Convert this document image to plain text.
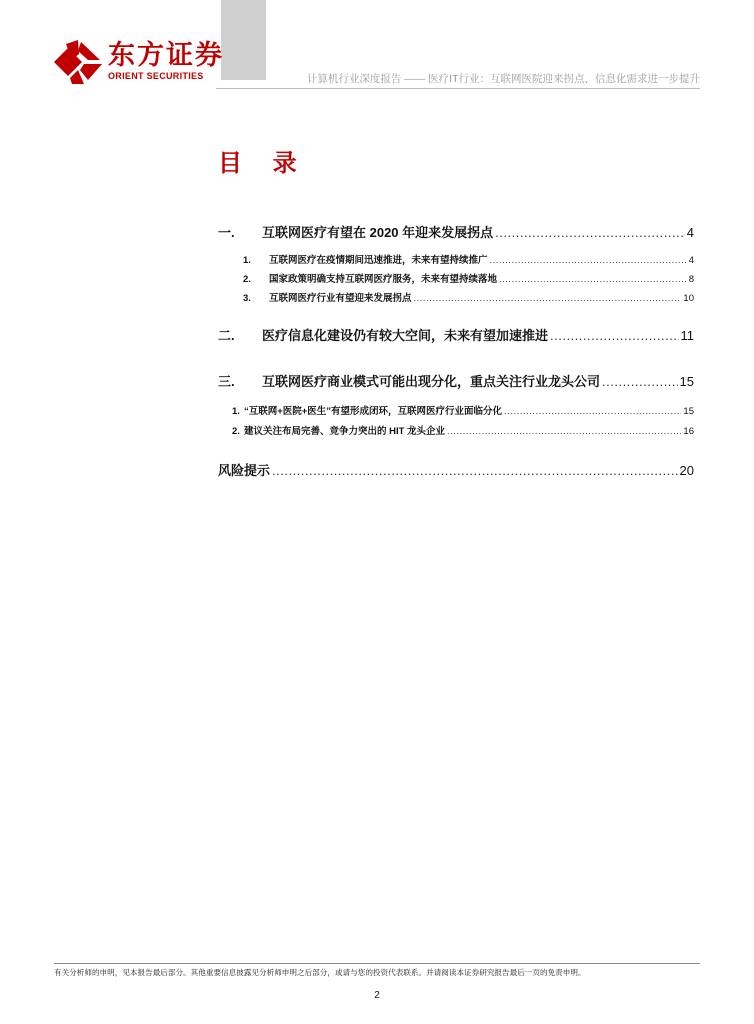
东方证券
ORIENT SECURITIES	计算机行业深度报告 —— 医疗IT行业：互联网医院迎来拐点，信息化需求进一步提升
目 录
一.	互联网医疗有望在 2020 年迎来发展拐点 .....	4
1.	互联网医疗在疫情期间迅速推进，未来有望持续推广 .....	4
2.	国家政策明确支持互联网医疗服务，未来有望持续落地 .....	8
3.	互联网医疗行业有望迎来发展拐点 .....	10
二.	医疗信息化建设仍有较大空间，未来有望加速推进 .....	11
三.	互联网医疗商业模式可能出现分化，重点关注行业龙头公司 .....	15
1. “互联网+医院+医生”有望形成闭环，互联网医疗行业面临分化 .....	15
2. 建议关注布局完善、竞争力突出的 HIT 龙头企业 .....	16
风险提示 .....	20
有关分析师的申明，见本报告最后部分。其他重要信息披露见分析师申明之后部分，或请与您的投资代表联系。并请阅读本证券研究报告最后一页的免责申明。
2
